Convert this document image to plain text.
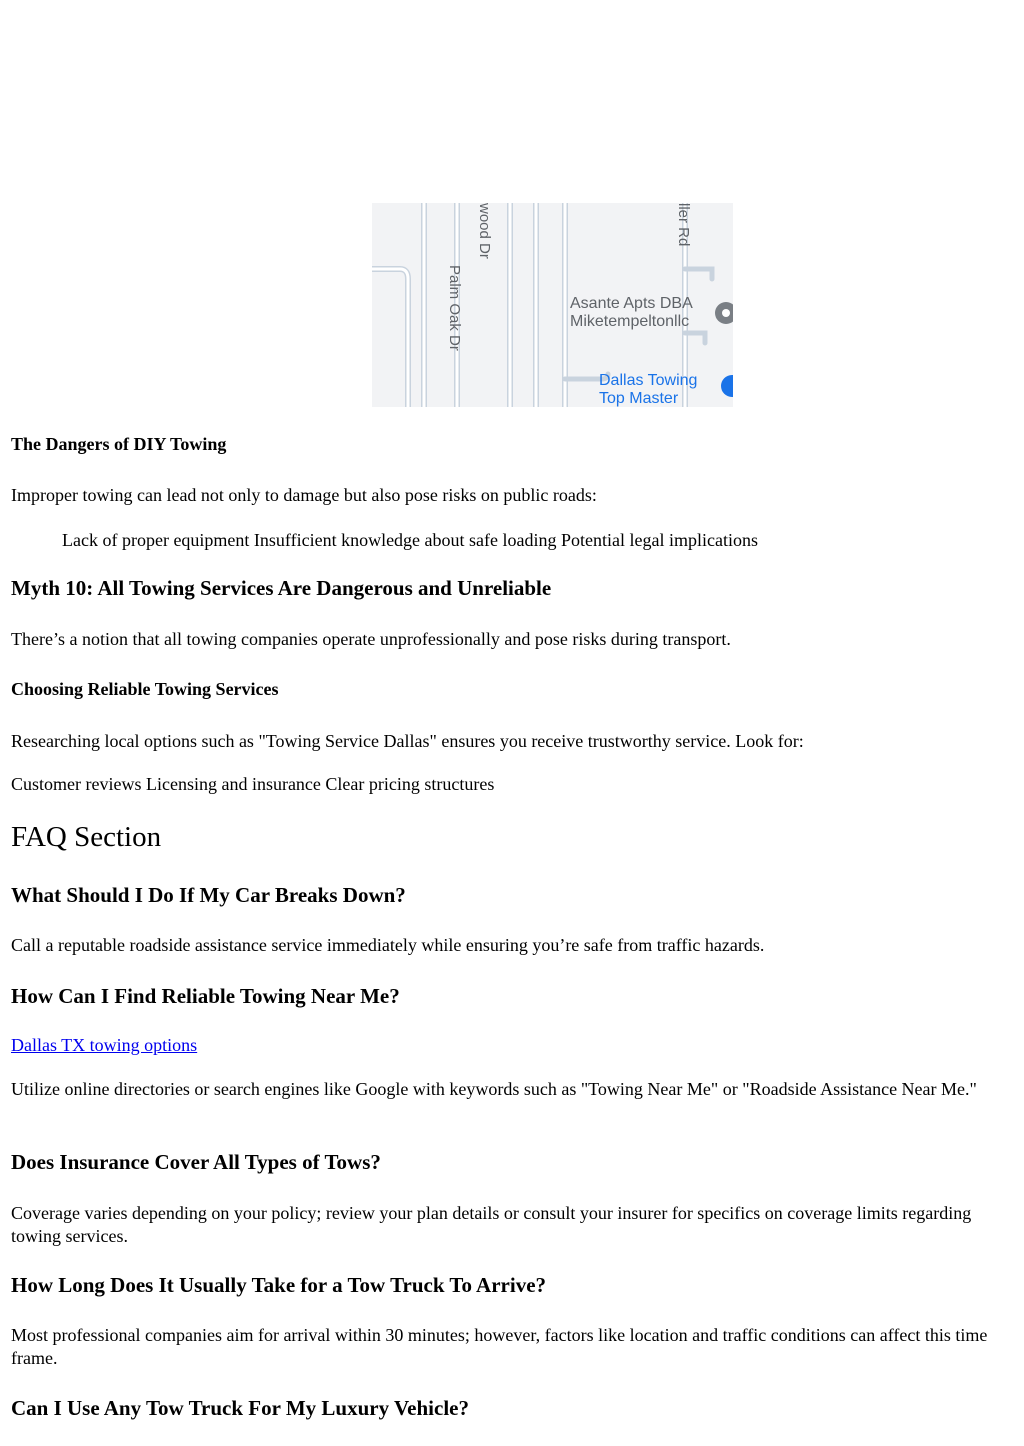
wood Dr
Palm Oak Dr
ller Rd
Asante Apts DBA
Miketempeltonllc
Dallas Towing
Top Master
The Dangers of DIY Towing

Improper towing can lead not only to damage but also pose risks on public roads:

Lack of proper equipment Insufficient knowledge about safe loading Potential legal implications

Myth 10: All Towing Services Are Dangerous and Unreliable

There’s a notion that all towing companies operate unprofessionally and pose risks during transport.

Choosing Reliable Towing Services

Researching local options such as "Towing Service Dallas" ensures you receive trustworthy service. Look for:

Customer reviews Licensing and insurance Clear pricing structures

FAQ Section
What Should I Do If My Car Breaks Down?

Call a reputable roadside assistance service immediately while ensuring you’re safe from traffic hazards.

How Can I Find Reliable Towing Near Me?

Dallas TX towing options

Utilize online directories or search engines like Google with keywords such as "Towing Near Me" or "Roadside Assistance Near Me."

Does Insurance Cover All Types of Tows?

Coverage varies depending on your policy; review your plan details or consult your insurer for specifics on coverage limits regarding towing services.

How Long Does It Usually Take for a Tow Truck To Arrive?

Most professional companies aim for arrival within 30 minutes; however, factors like location and traffic conditions can affect this time frame.

Can I Use Any Tow Truck For My Luxury Vehicle?
